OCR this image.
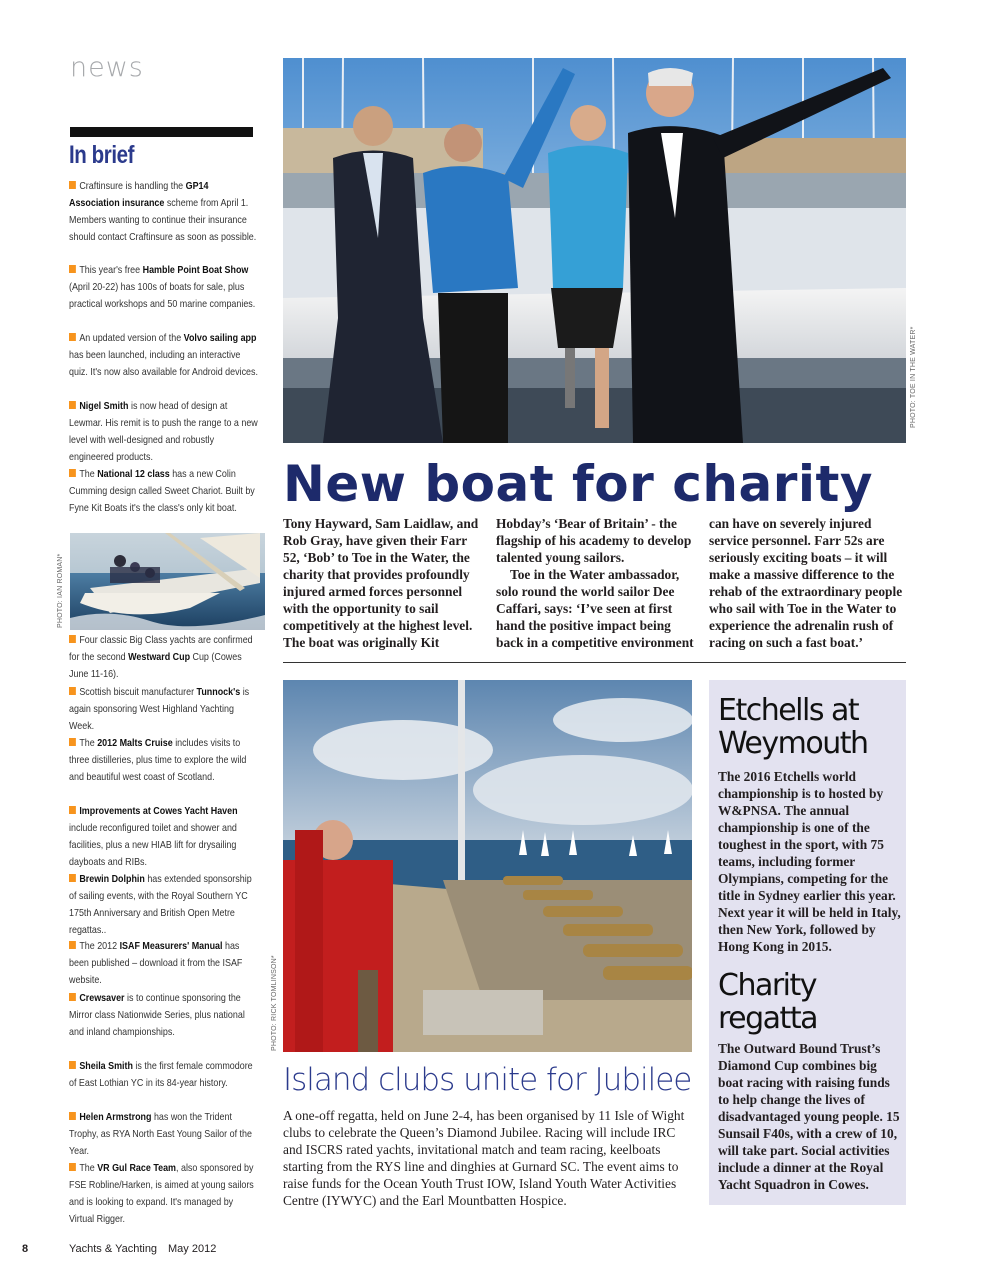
news
In brief

Craftinsure is handling the GP14 Association insurance scheme from April 1. Members wanting to continue their insurance should contact Craftinsure as soon as possible.

This year's free Hamble Point Boat Show (April 20-22) has 100s of boats for sale, plus practical workshops and 50 marine companies.

An updated version of the Volvo sailing app has been launched, including an interactive quiz. It's now also available for Android devices.

Nigel Smith is now head of design at Lewmar. His remit is to push the range to a new level with well-designed and robustly engineered products.

The National 12 class has a new Colin Cumming design called Sweet Chariot. Built by Fyne Kit Boats it's the class's only kit boat.

Four classic Big Class yachts are confirmed for the second Westward Cup Cup (Cowes June 11-16).

Scottish biscuit manufacturer Tunnock's is again sponsoring West Highland Yachting Week.

The 2012 Malts Cruise includes visits to three distilleries, plus time to explore the wild and beautiful west coast of Scotland.

Improvements at Cowes Yacht Haven include reconfigured toilet and shower and facilities, plus a new HIAB lift for drysailing dayboats and RIBs.

Brewin Dolphin has extended sponsorship of sailing events, with the Royal Southern YC 175th Anniversary and British Open Metre regattas..

The 2012 ISAF Measurers' Manual has been published – download it from the ISAF website.

Crewsaver is to continue sponsoring the Mirror class Nationwide Series, plus national and inland championships.

Sheila Smith is the first female commodore of East Lothian YC in its 84-year history.

Helen Armstrong has won the Trident Trophy, as RYA North East Young Sailor of the Year.

The VR Gul Race Team, also sponsored by FSE Robline/Harken, is aimed at young sailors and is looking to expand. It's managed by Virtual Rigger.

PHOTO: IAN ROMAN*
PHOTO: TOE IN THE WATER*
New boat for charity

Tony Hayward, Sam Laidlaw, and Rob Gray, have given their Farr 52, ‘Bob’ to Toe in the Water, the charity that provides profoundly injured armed forces personnel with the opportunity to sail competitively at the highest level. The boat was originally Kit

Hobday’s ‘Bear of Britain’ - the flagship of his academy to develop talented young sailors.

Toe in the Water ambassador, solo round the world sailor Dee Caffari, says: ‘I’ve seen at first hand the positive impact being back in a competitive environment

can have on severely injured service personnel. Farr 52s are seriously exciting boats – it will make a massive difference to the rehab of the extraordinary people who sail with Toe in the Water to experience the adrenalin rush of racing on such a fast boat.’

PHOTO: RICK TOMLINSON*
Island clubs unite for Jubilee

A one-off regatta, held on June 2-4, has been organised by 11 Isle of Wight clubs to celebrate the Queen’s Diamond Jubilee. Racing will include IRC and ISCRS rated yachts, invitational match and team racing, keelboats starting from the RYS line and dinghies at Gurnard SC. The event aims to raise funds for the Ocean Youth Trust IOW, Island Youth Water Activities Centre (IYWYC) and the Earl Mountbatten Hospice.

Etchells at
Weymouth

The 2016 Etchells world championship is to hosted by W&PNSA. The annual championship is one of the toughest in the sport, with 75 teams, including former Olympians, competing for the title in Sydney earlier this year. Next year it will be held in Italy, then New York, followed by Hong Kong in 2015.

Charity
regatta

The Outward Bound Trust’s Diamond Cup combines big boat racing with raising funds to help change the lives of disadvantaged young people. 15 Sunsail F40s, with a crew of 10, will take part. Social activities include a dinner at the Royal Yacht Squadron in Cowes.

8	Yachts & Yachting May 2012
